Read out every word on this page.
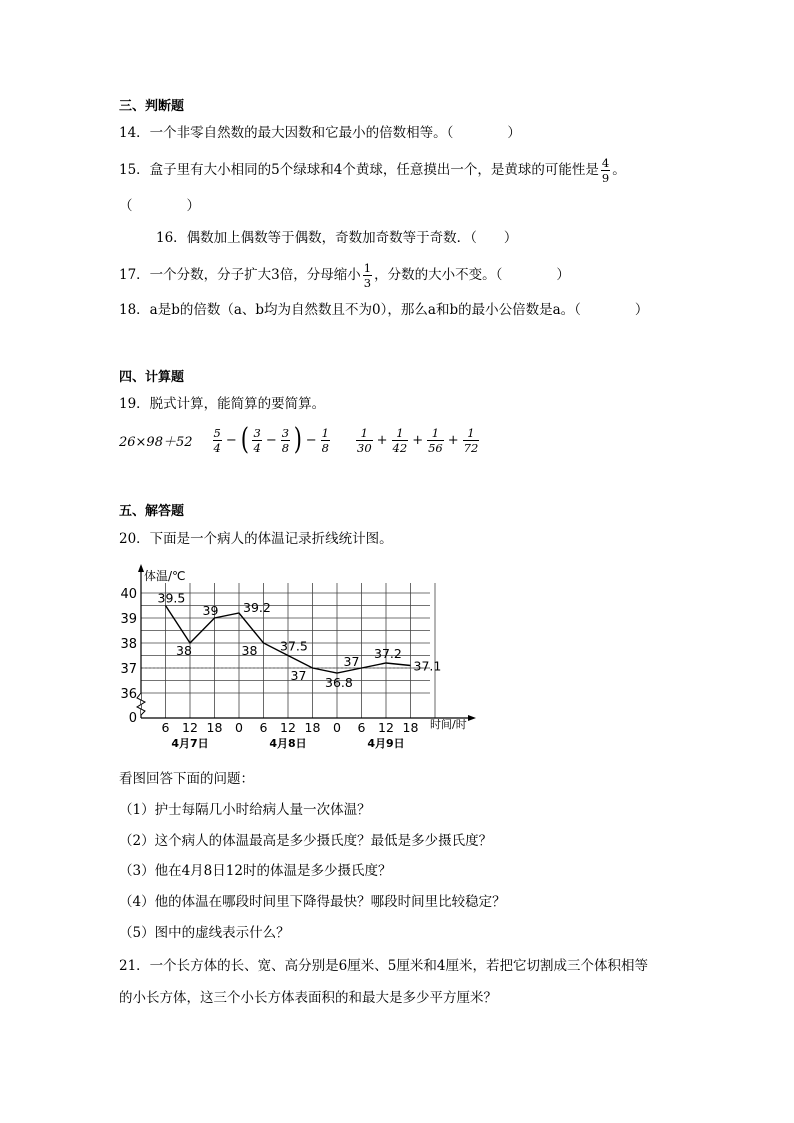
三、判断题
14．一个非零自然数的最大因数和它最小的倍数相等。（　　　　）
15．盒子里有大小相同的5个绿球和4个黄球，任意摸出一个，是黄球的可能性是 $\frac{4}{9}$ 。
（　　　　）
16．偶数加上偶数等于偶数，奇数加奇数等于奇数．（　　）
17．一个分数，分子扩大3倍，分母缩小 $\frac{1}{3}$ ，分数的大小不变。（　　　　）
18．a是b的倍数（a、b均为自然数且不为0），那么a和b的最小公倍数是a。（　　　　）
四、计算题
19．脱式计算，能简算的要简算。
$26\times 98+52 \frac{5}{4}$ − ( $\frac{3}{4} - \frac{3}{8}$ ) − $\frac{1}{8} \frac{1}{30} + \frac{1}{42} + \frac{1}{56} + \frac{1}{72}$
五、解答题
20．下面是一个病人的体温记录折线统计图。
体温/℃
0
36
37
38
39
40
6 12 18 0 6 12 18 0 6 12 18
4月7日	4月8日	4月9日
时间/时
39.5
38
39 39.2
38 37.5
37 36.8
37
37.2
37.1
看图回答下面的问题：
（1）护士每隔几小时给病人量一次体温？
（2）这个病人的体温最高是多少摄氏度？最低是多少摄氏度？
（3）他在4月8日12时的体温是多少摄氏度？
（4）他的体温在哪段时间里下降得最快？哪段时间里比较稳定？
（5）图中的虚线表示什么？
21．一个长方体的长、宽、高分别是6厘米、5厘米和4厘米，若把它切割成三个体积相等
的小长方体，这三个小长方体表面积的和最大是多少平方厘米？
